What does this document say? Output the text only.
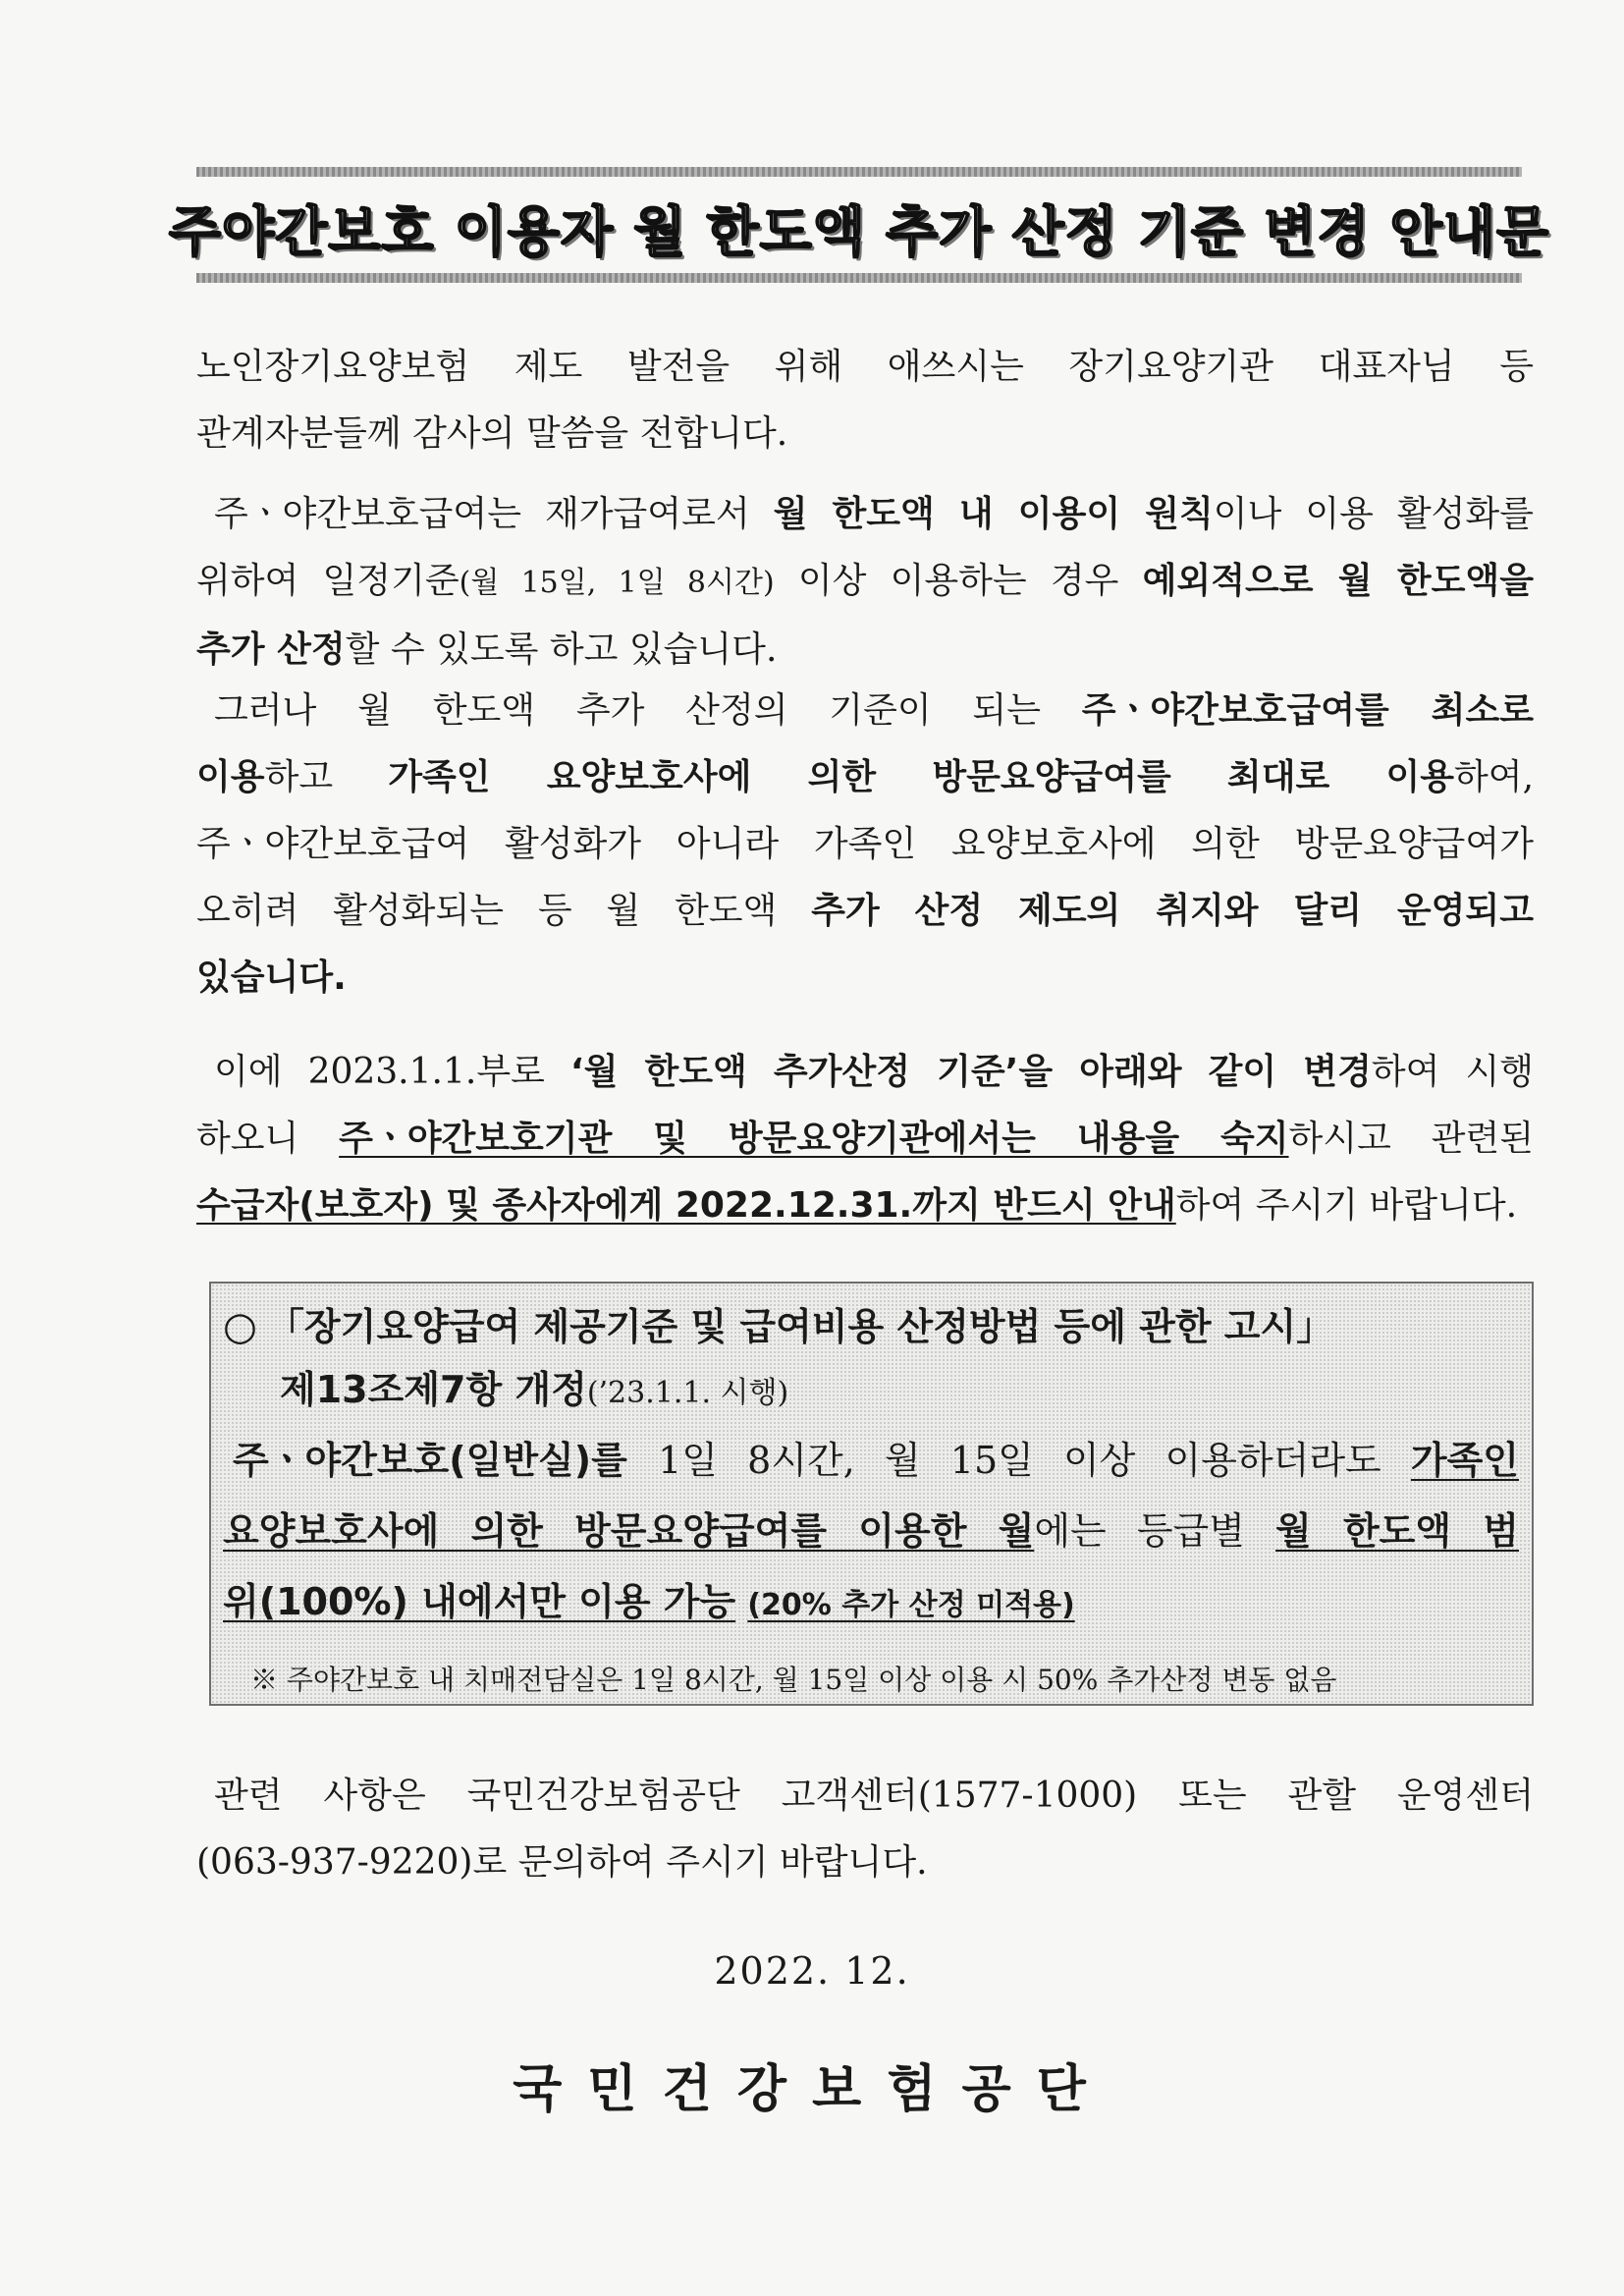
주야간보호 이용자 월 한도액 추가 산정 기준 변경 안내문
노인장기요양보험 제도 발전을 위해 애쓰시는 장기요양기관 대표자님 등
관계자분들께 감사의 말씀을 전합니다.
주ㆍ야간보호급여는 재가급여로서 월 한도액 내 이용이 원칙이나 이용 활성화를
위하여 일정기준(월 15일, 1일 8시간) 이상 이용하는 경우 예외적으로 월 한도액을
추가 산정할 수 있도록 하고 있습니다.
그러나 월 한도액 추가 산정의 기준이 되는 주ㆍ야간보호급여를 최소로
이용하고 가족인 요양보호사에 의한 방문요양급여를 최대로 이용하여,
주ㆍ야간보호급여 활성화가 아니라 가족인 요양보호사에 의한 방문요양급여가
오히려 활성화되는 등 월 한도액 추가 산정 제도의 취지와 달리 운영되고
있습니다.
이에 2023.1.1.부로 ‘월 한도액 추가산정 기준’을 아래와 같이 변경하여 시행
하오니 주ㆍ야간보호기관 및 방문요양기관에서는 내용을 숙지하시고 관련된
수급자(보호자) 및 종사자에게 2022.12.31.까지 반드시 안내하여 주시기 바랍니다.
○ 「장기요양급여 제공기준 및 급여비용 산정방법 등에 관한 고시」
제13조제7항 개정(’23.1.1. 시행)
주ㆍ야간보호(일반실)를 1일 8시간, 월 15일 이상 이용하더라도 가족인
요양보호사에 의한 방문요양급여를 이용한 월에는 등급별 월 한도액 범
위(100%) 내에서만 이용 가능 (20% 추가 산정 미적용)
※ 주야간보호 내 치매전담실은 1일 8시간, 월 15일 이상 이용 시 50% 추가산정 변동 없음
관련 사항은 국민건강보험공단 고객센터(1577-1000) 또는 관할 운영센터
(063-937-9220)로 문의하여 주시기 바랍니다.
2022. 12.
국민건강보험공단
